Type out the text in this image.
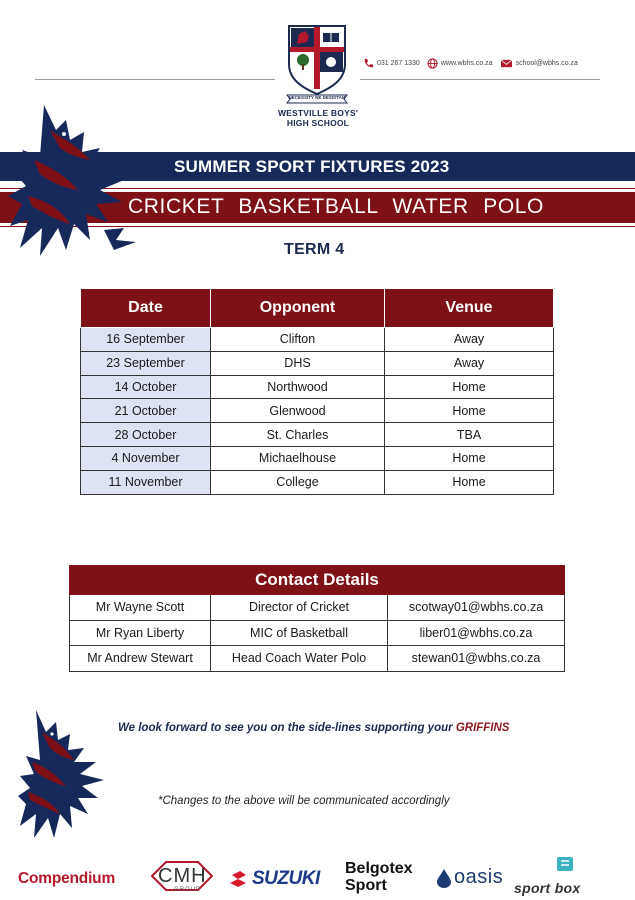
NECESSITY NE DESISTAM
WESTVILLE BOYS'
HIGH SCHOOL
031 267 1330	www.wbhs.co.za	school@wbhs.co.za
SUMMER SPORT FIXTURES 2023
CRICKET BASKETBALL WATER POLO
TERM 4
Date	Opponent	Venue
16 September	Clifton	Away
23 September	DHS	Away
14 October	Northwood	Home
21 October	Glenwood	Home
28 October	St. Charles	TBA
4 November	Michaelhouse	Home
11 November	College	Home
Contact Details		
Mr Wayne Scott	Director of Cricket	scotway01@wbhs.co.za
Mr Ryan Liberty	MIC of Basketball	liber01@wbhs.co.za
Mr Andrew Stewart	Head Coach Water Polo	stewan01@wbhs.co.za
We look forward to see you on the side-lines supporting your GRIFFINS
*Changes to the above will be communicated accordingly
Compendium CMH
GROUP
SUZUKI Belgotex
Sport	oasis sport box
